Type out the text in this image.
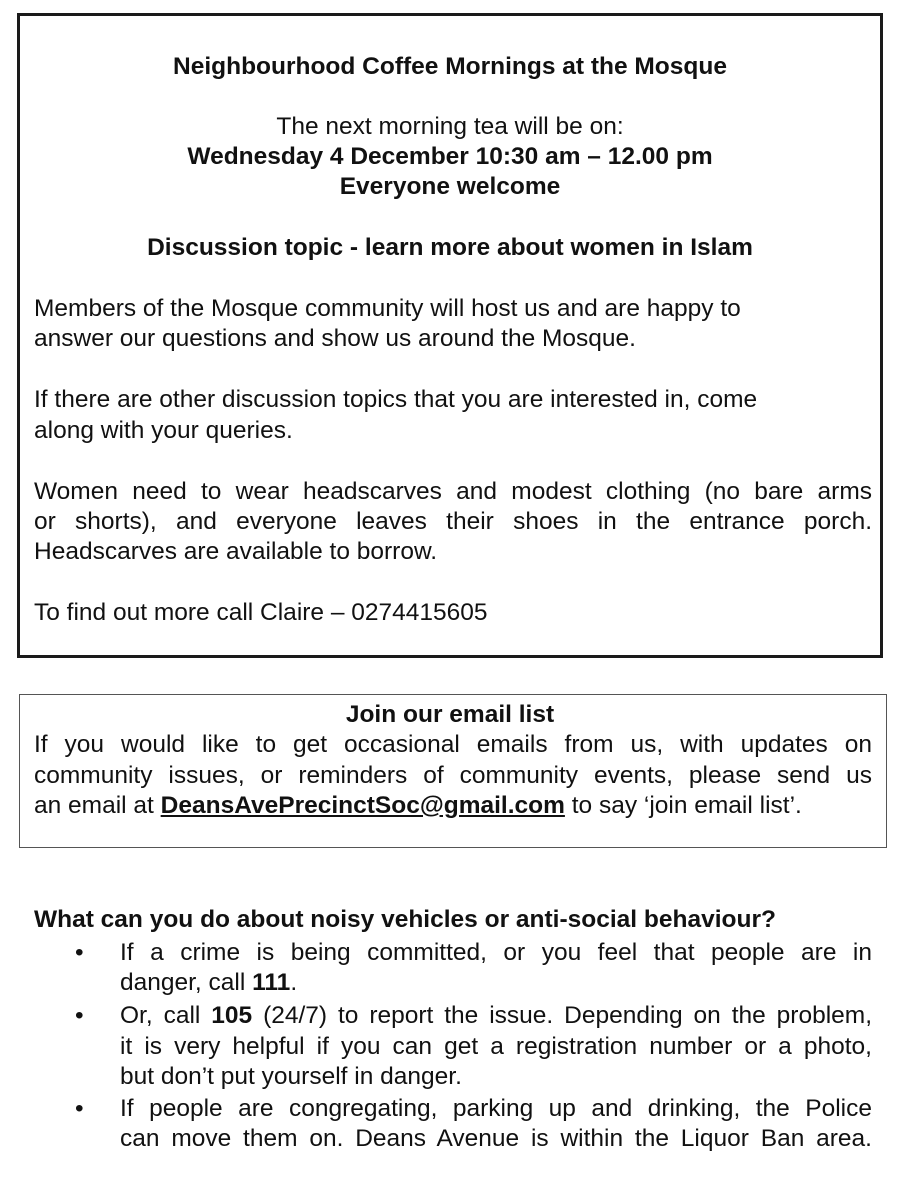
Neighbourhood Coffee Mornings at the Mosque
The next morning tea will be on:
Wednesday 4 December 10:30 am – 12.00 pm
Everyone welcome
Discussion topic - learn more about women in Islam
Members of the Mosque community will host us and are happy to
answer our questions and show us around the Mosque.
If there are other discussion topics that you are interested in, come
along with your queries.
Women need to wear headscarves and modest clothing (no bare arms
or shorts), and everyone leaves their shoes in the entrance porch.
Headscarves are available to borrow.
To find out more call Claire – 0274415605
Join our email list
If you would like to get occasional emails from us, with updates on
community issues, or reminders of community events, please send us
an email at DeansAvePrecinctSoc@gmail.com to say ‘join email list’.
What can you do about noisy vehicles or anti-social behaviour?
• If a crime is being committed, or you feel that people are in
danger, call 111.
• Or, call 105 (24/7) to report the issue. Depending on the problem,
it is very helpful if you can get a registration number or a photo,
but don’t put yourself in danger.
• If people are congregating, parking up and drinking, the Police
can move them on. Deans Avenue is within the Liquor Ban area.
